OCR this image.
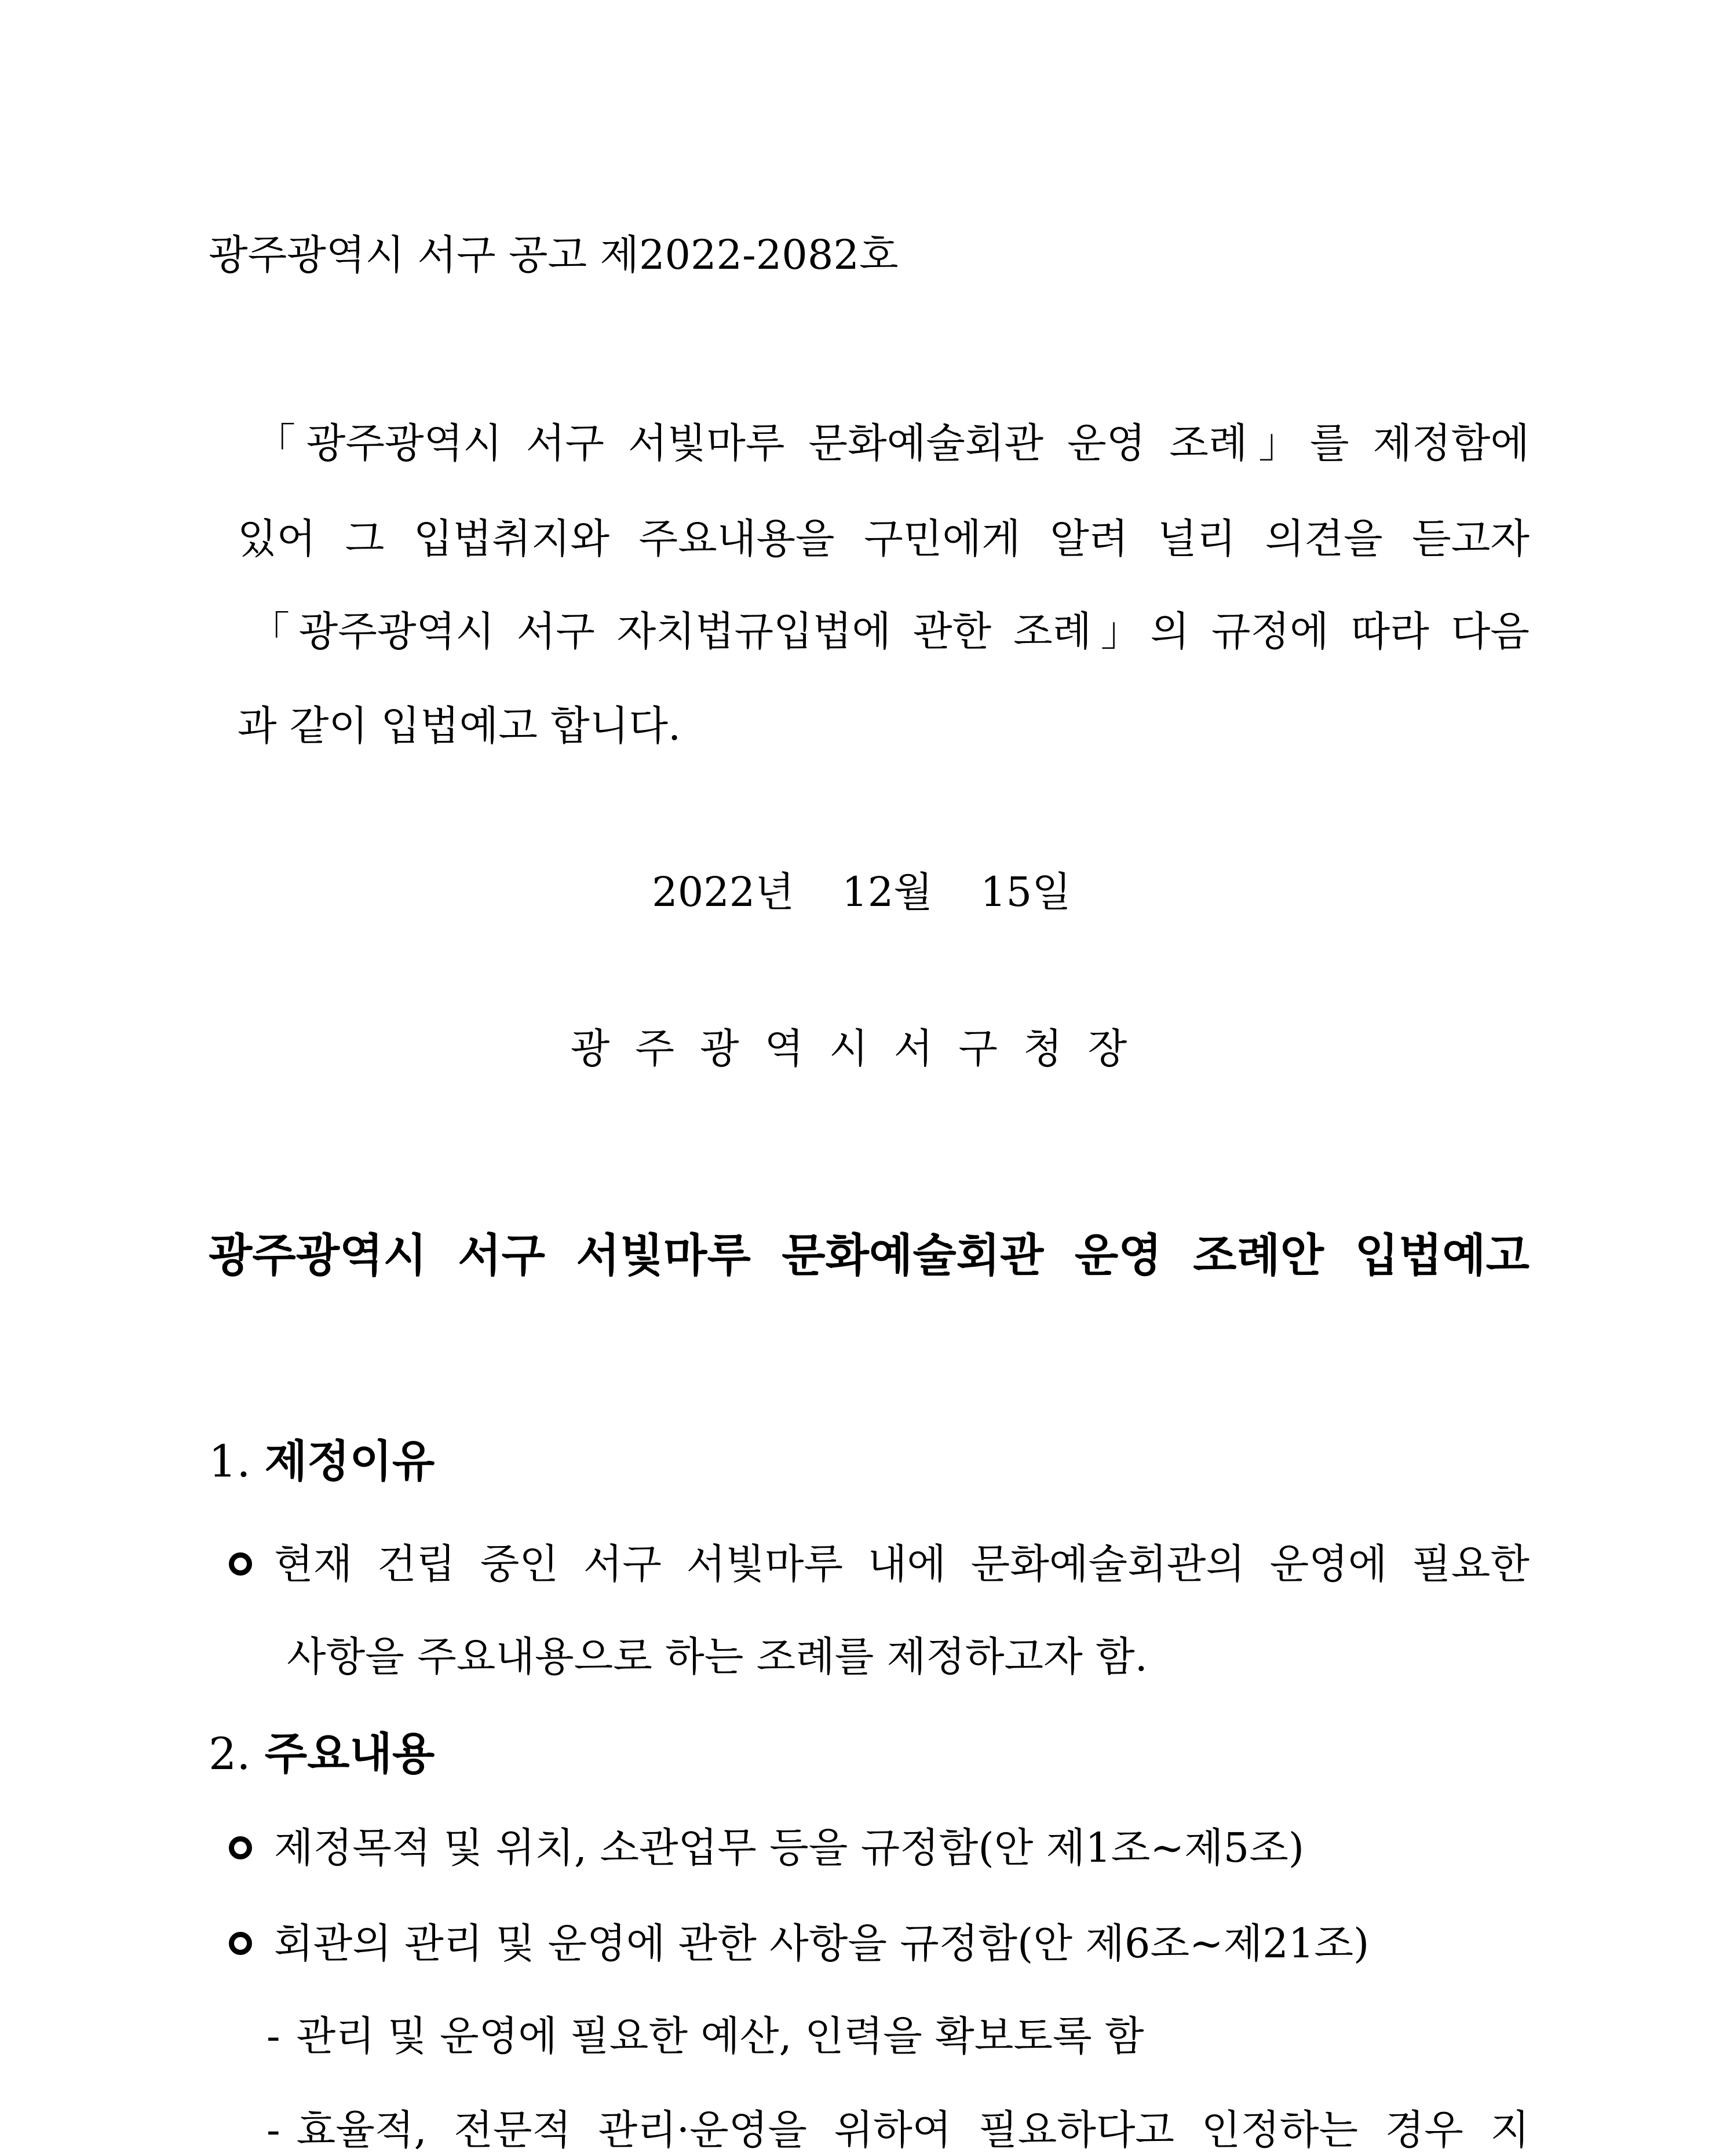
광주광역시 서구 공고 제2022-2082호
「광주광역시 서구 서빛마루 문화예술회관 운영 조례」를 제정함에
있어 그 입법취지와 주요내용을 구민에게 알려 널리 의견을 듣고자
「광주광역시 서구 자치법규입법에 관한 조례」의 규정에 따라 다음
과 같이 입법예고 합니다.
2022년 12월 15일
광주광역시서구청장
광주광역시 서구 서빛마루 문화예술회관 운영 조례안 입법예고
1. 제정이유
현재 건립 중인 서구 서빛마루 내에 문화예술회관의 운영에 필요한
사항을 주요내용으로 하는 조례를 제정하고자 함.
2. 주요내용
제정목적 및 위치, 소관업무 등을 규정함(안 제1조∼제5조)
회관의 관리 및 운영에 관한 사항을 규정함(안 제6조∼제21조)
- 관리 및 운영에 필요한 예산, 인력을 확보토록 함
- 효율적, 전문적 관리·운영을 위하여 필요하다고 인정하는 경우 지
